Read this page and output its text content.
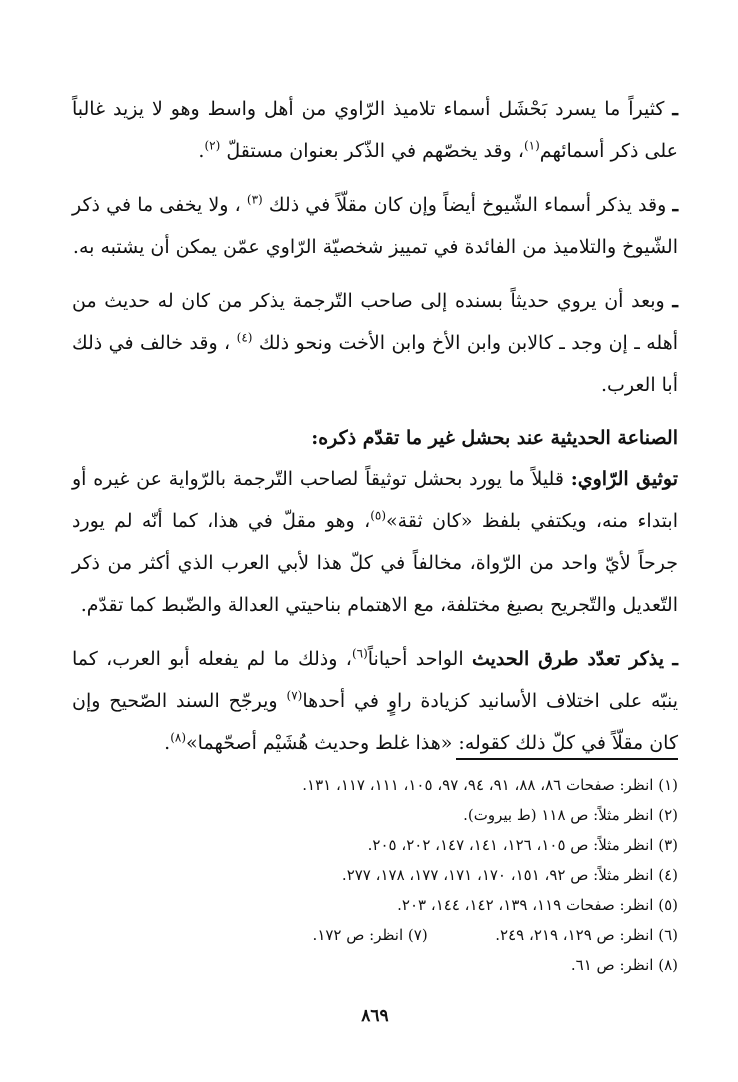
ـ كثيراً ما يسرد بَحْشَل أسماء تلاميذ الرّاوي من أهل واسط وهو لا يزيد غالباً على ذكر أسمائهم$^{(١)}$، وقد يخصّهم في الذّكر بعنوان مستقلّ $^{(٢)}$.

ـ وقد يذكر أسماء الشّيوخ أيضاً وإن كان مقلّاً في ذلك $^{(٣)}$ ، ولا يخفى ما في ذكر الشّيوخ والتلاميذ من الفائدة في تمييز شخصيّة الرّاوي عمّن يمكن أن يشتبه به.

ـ وبعد أن يروي حديثاً بسنده إلى صاحب التّرجمة يذكر من كان له حديث من أهله ـ إن وجد ـ كالابن وابن الأخ وابن الأخت ونحو ذلك $^{(٤)}$ ، وقد خالف في ذلك أبا العرب.

الصناعة الحديثية عند بحشل غير ما تقدّم ذكره:

توثيق الرّاوي: قليلاً ما يورد بحشل توثيقاً لصاحب التّرجمة بالرّواية عن غيره أو ابتداء منه، ويكتفي بلفظ «كان ثقة»$^{(٥)}$، وهو مقلّ في هذا، كما أنّه لم يورد جرحاً لأيّ واحد من الرّواة، مخالفاً في كلّ هذا لأبي العرب الذي أكثر من ذكر التّعديل والتّجريح بصيغ مختلفة، مع الاهتمام بناحيتي العدالة والضّبط كما تقدّم.

ـ يذكر تعدّد طرق الحديث الواحد أحياناً$^{(٦)}$، وذلك ما لم يفعله أبو العرب، كما ينبّه على اختلاف الأسانيد كزيادة راوٍ في أحدها$^{(٧)}$ ويرجّح السند الصّحيح وإن كان مقلّاً في كلّ ذلك كقوله: «هذا غلط وحديث هُشَيْم أصحّهما»$^{(٨)}$.

(١) انظر: صفحات ٨٦، ٨٨، ٩١، ٩٤، ٩٧، ١٠٥، ١١١، ١١٧، ١٣١.
(٢) انظر مثلاً: ص ١١٨ (ط بيروت).
(٣) انظر مثلاً: ص ١٠٥، ١٢٦، ١٤١، ١٤٧، ٢٠٢، ٢٠٥.
(٤) انظر مثلاً: ص ٩٢، ١٥١، ١٧٠، ١٧١، ١٧٧، ١٧٨، ٢٧٧.
(٥) انظر: صفحات ١١٩، ١٣٩، ١٤٢، ١٤٤، ٢٠٣.
(٦) انظر: ص ١٢٩، ٢١٩، ٢٤٩.  (٧) انظر: ص ١٧٢.
(٨) انظر: ص ٦١.
٨٦٩
